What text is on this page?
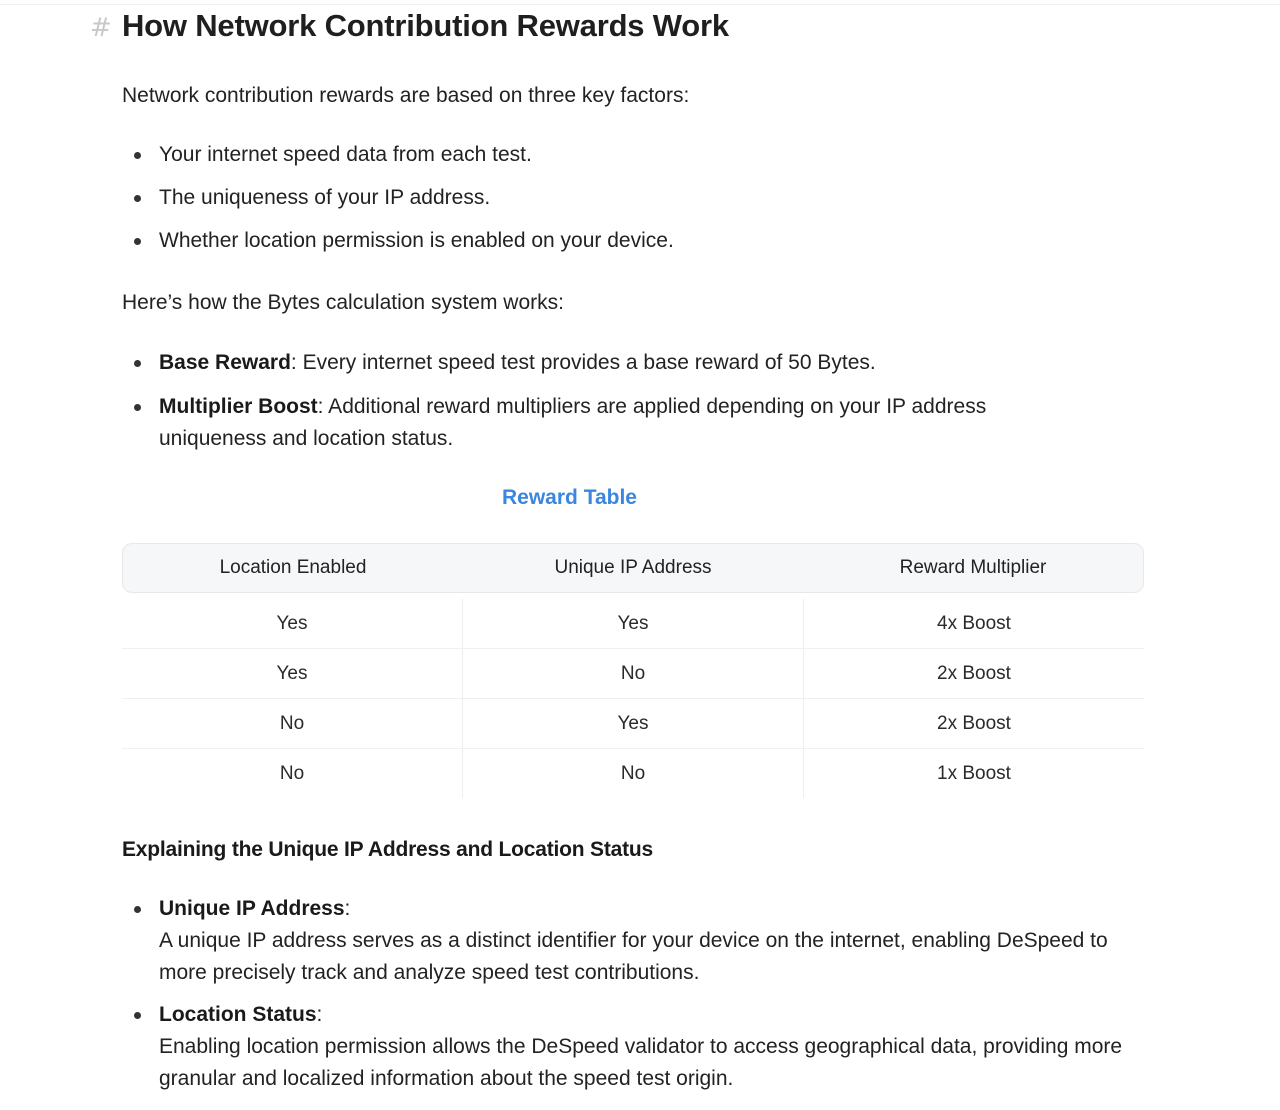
# How Network Contribution Rewards Work

Network contribution rewards are based on three key factors:

Your internet speed data from each test.
The uniqueness of your IP address.
Whether location permission is enabled on your device.

Here’s how the Bytes calculation system works:

Base Reward: Every internet speed test provides a base reward of 50 Bytes.
Multiplier Boost: Additional reward multipliers are applied depending on your IP address uniqueness and location status.
Reward Table
Location Enabled	Unique IP Address	Reward Multiplier
Yes	Yes	4x Boost
Yes	No	2x Boost
No	Yes	2x Boost
No	No	1x Boost
Explaining the Unique IP Address and Location Status
Unique IP Address:
A unique IP address serves as a distinct identifier for your device on the internet, enabling DeSpeed to more precisely track and analyze speed test contributions.
Location Status:
Enabling location permission allows the DeSpeed validator to access geographical data, providing more granular and localized information about the speed test origin.
